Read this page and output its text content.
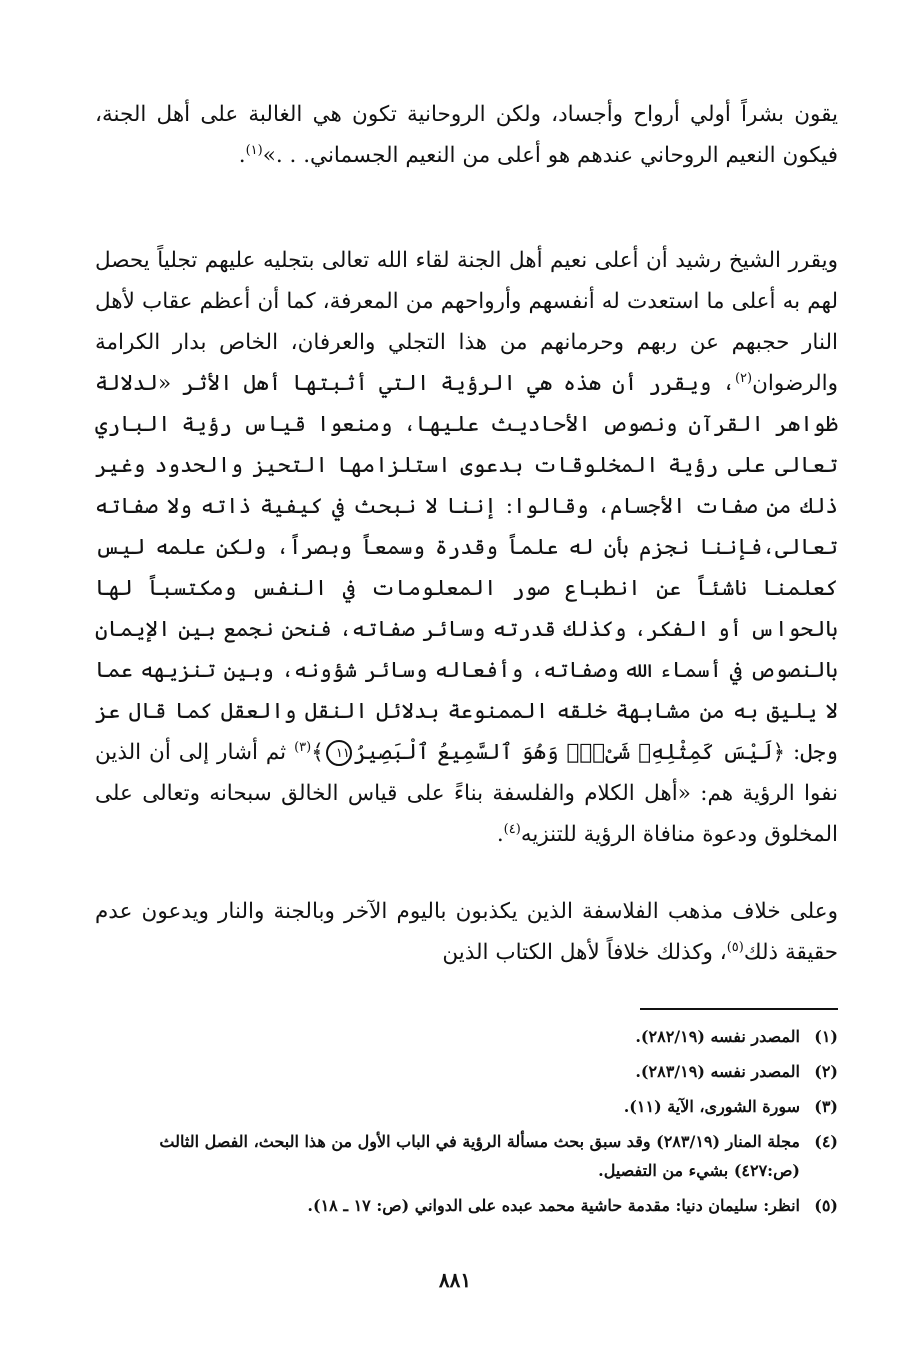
يقون بشراً أولي أرواح وأجساد، ولكن الروحانية تكون هي الغالبة على أهل الجنة، فيكون النعيم الروحاني عندهم هو أعلى من النعيم الجسماني. . .»$^{(١)}$.

ويقرر الشيخ رشيد أن أعلى نعيم أهل الجنة لقاء الله تعالى بتجليه عليهم تجلياً يحصل لهم به أعلى ما استعدت له أنفسهم وأرواحهم من المعرفة، كما أن أعظم عقاب لأهل النار حجبهم عن ربهم وحرمانهم من هذا التجلي والعرفان، الخاص بدار الكرامة والرضوان$^{(٢)}$، ويقرر أن هذه هي الرؤية التي أثبتها أهل الأثر «لدلالة ظواهر القرآن ونصوص الأحاديث عليها، ومنعوا قياس رؤية الباري تعالى على رؤية المخلوقات بدعوى استلزامها التحيز والحدود وغير ذلك من صفات الأجسام، وقالوا: إننا لا نبحث في كيفية ذاته ولا صفاته تعالى،فإننا نجزم بأن له علماً وقدرة وسمعاً وبصراً، ولكن علمه ليس كعلمنا ناشئاً عن انطباع صور المعلومات في النفس ومكتسباً لها بالحواس أو الفكر، وكذلك قدرته وسائر صفاته، فنحن نجمع بين الإيمان بالنصوص في أسماء الله وصفاته، وأفعاله وسائر شؤونه، وبين تنزيهه عما لا يليق به من مشابهة خلقه الممنوعة بدلائل النقل والعقل كما قال عز وجل: ﴿لَيْسَ كَمِثْلِهِۦ شَىْءٌۖ وَهُوَ ٱلسَّمِيعُ ٱلْبَصِيرُ١١﴾$^{(٣)}$ ثم أشار إلى أن الذين نفوا الرؤية هم: «أهل الكلام والفلسفة بناءً على قياس الخالق سبحانه وتعالى على المخلوق ودعوة منافاة الرؤية للتنزيه$^{(٤)}$.

وعلى خلاف مذهب الفلاسفة الذين يكذبون باليوم الآخر وبالجنة والنار ويدعون عدم حقيقة ذلك$^{(٥)}$، وكذلك خلافاً لأهل الكتاب الذين

(١)
المصدر نفسه (٢٨٢/١٩).
(٢)
المصدر نفسه (٢٨٣/١٩).
(٣)
سورة الشورى، الآية (١١).
(٤)
مجلة المنار (٢٨٣/١٩) وقد سبق بحث مسألة الرؤية في الباب الأول من هذا البحث، الفصل الثالث (ص:٤٢٧) بشيء من التفصيل.
(٥)
انظر: سليمان دنيا: مقدمة حاشية محمد عبده على الدواني (ص: ١٧ ـ ١٨).
٨٨١
